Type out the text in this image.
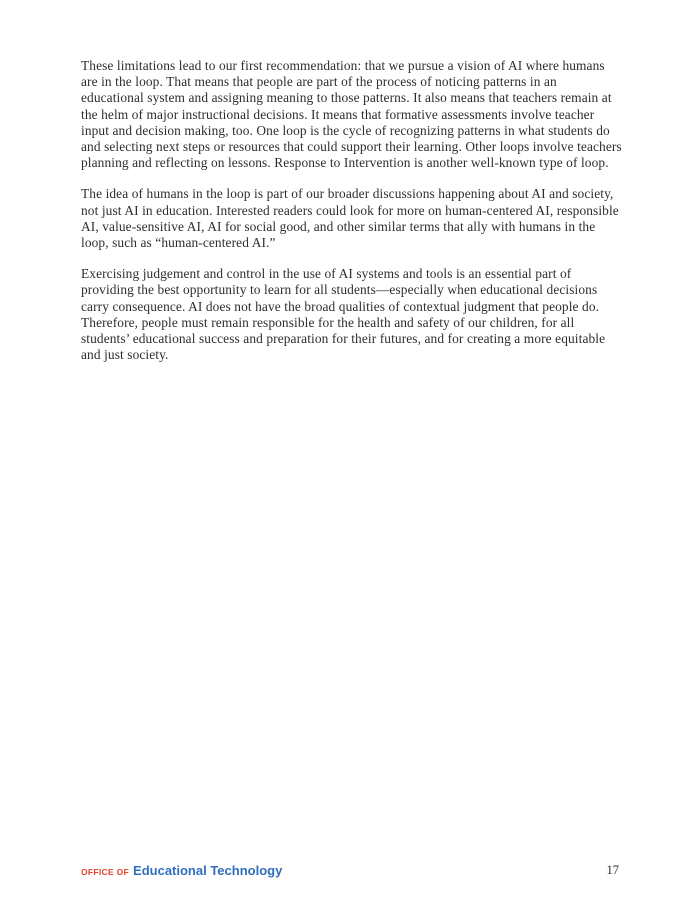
These limitations lead to our first recommendation: that we pursue a vision of AI where humans are in the loop. That means that people are part of the process of noticing patterns in an educational system and assigning meaning to those patterns. It also means that teachers remain at the helm of major instructional decisions. It means that formative assessments involve teacher input and decision making, too. One loop is the cycle of recognizing patterns in what students do and selecting next steps or resources that could support their learning. Other loops involve teachers planning and reflecting on lessons. Response to Intervention is another well-known type of loop.

The idea of humans in the loop is part of our broader discussions happening about AI and society, not just AI in education. Interested readers could look for more on human-centered AI, responsible AI, value-sensitive AI, AI for social good, and other similar terms that ally with humans in the loop, such as “human-centered AI.”

Exercising judgement and control in the use of AI systems and tools is an essential part of providing the best opportunity to learn for all students—especially when educational decisions carry consequence. AI does not have the broad qualities of contextual judgment that people do. Therefore, people must remain responsible for the health and safety of our children, for all students’ educational success and preparation for their futures, and for creating a more equitable and just society.

OFFICE OF Educational Technology	17
